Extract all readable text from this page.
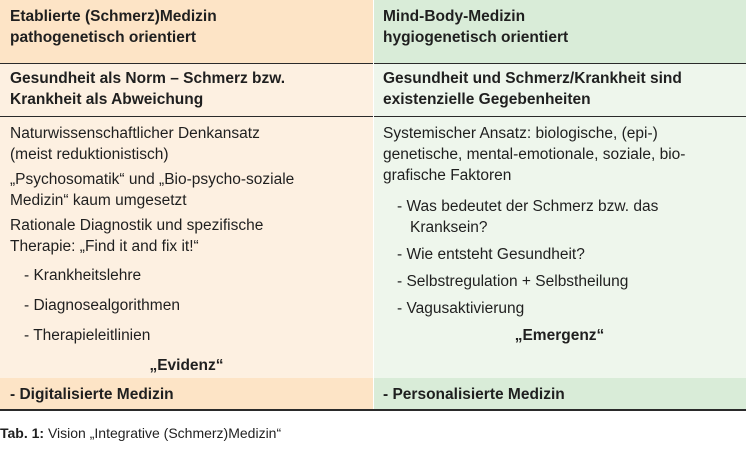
Etablierte (Schmerz)Medizin
pathogenetisch orientiert
Mind-Body-Medizin
hygiogenetisch orientiert
Gesundheit als Norm – Schmerz bzw.
Krankheit als Abweichung
Gesundheit und Schmerz/Krankheit sind
existenzielle Gegebenheiten
Naturwissenschaftlicher Denkansatz
(meist reduktionistisch)
„Psychosomatik“ und „Bio-psycho-soziale
Medizin“ kaum umgesetzt
Rationale Diagnostik und spezifische
Therapie: „Find it and fix it!“
- Krankheitslehre
- Diagnosealgorithmen
- Therapieleitlinien
„Evidenz“
Systemischer Ansatz: biologische, (epi-)
genetische, mental-emotionale, soziale, bio-
grafische Faktoren
- Was bedeutet der Schmerz bzw. das
Kranksein?
- Wie entsteht Gesundheit?
- Selbstregulation + Selbstheilung
- Vagusaktivierung
„Emergenz“
- Digitalisierte Medizin	- Personalisierte Medizin
Tab. 1: Vision „Integrative (Schmerz)Medizin“
